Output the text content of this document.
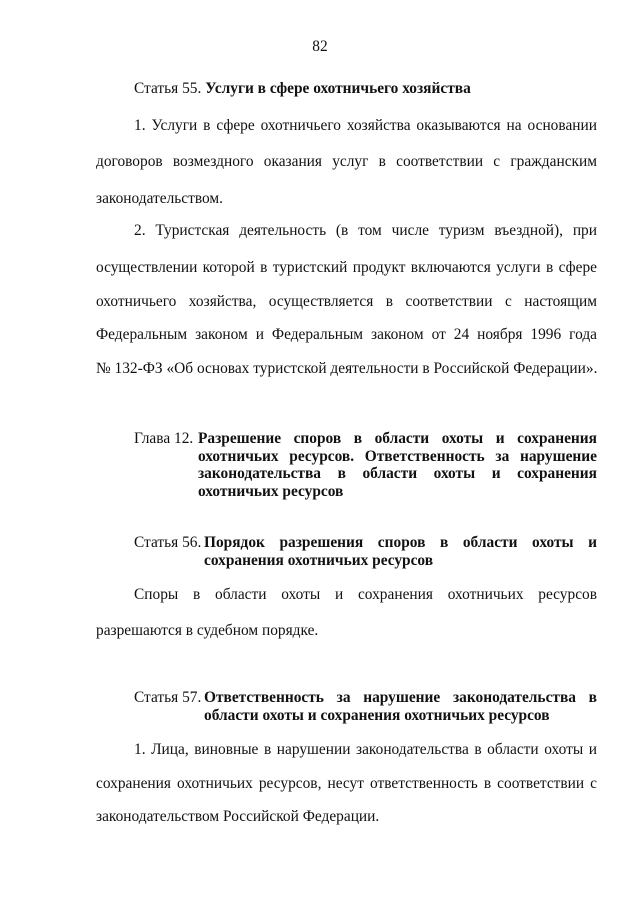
82
Статья 55. Услуги в сфере охотничьего хозяйства
1. Услуги в сфере охотничьего хозяйства оказываются на основании
договоров возмездного оказания услуг в соответствии с гражданским
законодательством.
2. Туристская деятельность (в том числе туризм въездной), при
осуществлении которой в туристский продукт включаются услуги в сфере
охотничьего хозяйства, осуществляется в соответствии с настоящим
Федеральным законом и Федеральным законом от 24 ноября 1996 года
№ 132-ФЗ «Об основах туристской деятельности в Российской Федерации».
Глава 12. Разрешение споров в области охоты и сохранения охотничьих ресурсов. Ответственность за нарушение законодательства в области охоты и сохранения
охотничьих ресурсов
Статья 56. Порядок разрешения споров в области охоты и
сохранения охотничьих ресурсов
Споры в области охоты и сохранения охотничьих ресурсов
разрешаются в судебном порядке.
Статья 57. Ответственность за нарушение законодательства в
области охоты и сохранения охотничьих ресурсов
1. Лица, виновные в нарушении законодательства в области охоты и
сохранения охотничьих ресурсов, несут ответственность в соответствии с
законодательством Российской Федерации.
